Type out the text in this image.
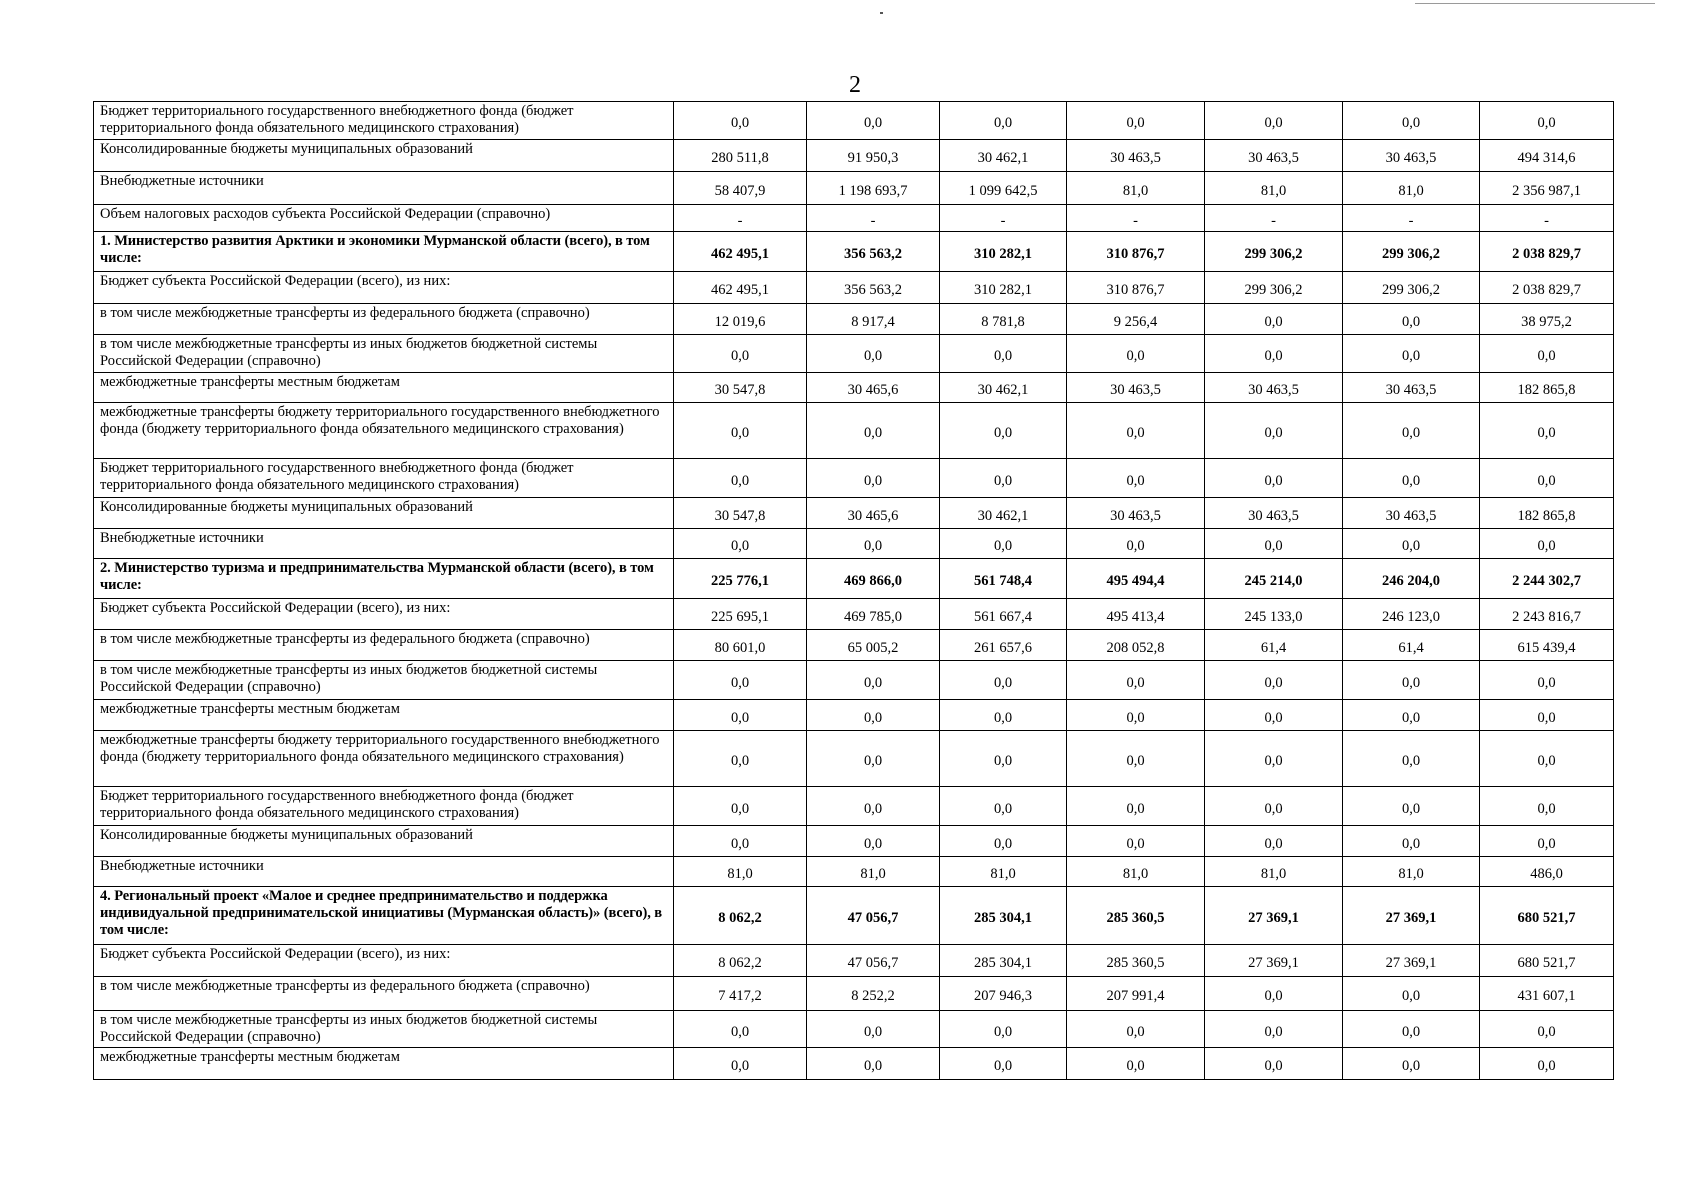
2
Бюджет территориального государственного внебюджетного фонда (бюджет территориального фонда обязательного медицинского страхования)	0,0	0,0	0,0	0,0	0,0	0,0	0,0
Консолидированные бюджеты муниципальных образований	280 511,8	91 950,3	30 462,1	30 463,5	30 463,5	30 463,5	494 314,6
Внебюджетные источники	58 407,9	1 198 693,7	1 099 642,5	81,0	81,0	81,0	2 356 987,1
Объем налоговых расходов субъекта Российской Федерации (справочно)	-	-	-	-	-	-	-
1. Министерство развития Арктики и экономики Мурманской области (всего), в том числе:	462 495,1	356 563,2	310 282,1	310 876,7	299 306,2	299 306,2	2 038 829,7
Бюджет субъекта Российской Федерации (всего), из них:	462 495,1	356 563,2	310 282,1	310 876,7	299 306,2	299 306,2	2 038 829,7
в том числе межбюджетные трансферты из федерального бюджета (справочно)	12 019,6	8 917,4	8 781,8	9 256,4	0,0	0,0	38 975,2
в том числе межбюджетные трансферты из иных бюджетов бюджетной системы Российской Федерации (справочно)	0,0	0,0	0,0	0,0	0,0	0,0	0,0
межбюджетные трансферты местным бюджетам	30 547,8	30 465,6	30 462,1	30 463,5	30 463,5	30 463,5	182 865,8
межбюджетные трансферты бюджету территориального государственного внебюджетного фонда (бюджету территориального фонда обязательного медицинского страхования)	0,0	0,0	0,0	0,0	0,0	0,0	0,0
Бюджет территориального государственного внебюджетного фонда (бюджет территориального фонда обязательного медицинского страхования)	0,0	0,0	0,0	0,0	0,0	0,0	0,0
Консолидированные бюджеты муниципальных образований	30 547,8	30 465,6	30 462,1	30 463,5	30 463,5	30 463,5	182 865,8
Внебюджетные источники	0,0	0,0	0,0	0,0	0,0	0,0	0,0
2. Министерство туризма и предпринимательства Мурманской области (всего), в том числе:	225 776,1	469 866,0	561 748,4	495 494,4	245 214,0	246 204,0	2 244 302,7
Бюджет субъекта Российской Федерации (всего), из них:	225 695,1	469 785,0	561 667,4	495 413,4	245 133,0	246 123,0	2 243 816,7
в том числе межбюджетные трансферты из федерального бюджета (справочно)	80 601,0	65 005,2	261 657,6	208 052,8	61,4	61,4	615 439,4
в том числе межбюджетные трансферты из иных бюджетов бюджетной системы Российской Федерации (справочно)	0,0	0,0	0,0	0,0	0,0	0,0	0,0
межбюджетные трансферты местным бюджетам	0,0	0,0	0,0	0,0	0,0	0,0	0,0
межбюджетные трансферты бюджету территориального государственного внебюджетного фонда (бюджету территориального фонда обязательного медицинского страхования)	0,0	0,0	0,0	0,0	0,0	0,0	0,0
Бюджет территориального государственного внебюджетного фонда (бюджет территориального фонда обязательного медицинского страхования)	0,0	0,0	0,0	0,0	0,0	0,0	0,0
Консолидированные бюджеты муниципальных образований	0,0	0,0	0,0	0,0	0,0	0,0	0,0
Внебюджетные источники	81,0	81,0	81,0	81,0	81,0	81,0	486,0
4. Региональный проект «Малое и среднее предпринимательство и поддержка индивидуальной предпринимательской инициативы (Мурманская область)» (всего), в том числе:	8 062,2	47 056,7	285 304,1	285 360,5	27 369,1	27 369,1	680 521,7
Бюджет субъекта Российской Федерации (всего), из них:	8 062,2	47 056,7	285 304,1	285 360,5	27 369,1	27 369,1	680 521,7
в том числе межбюджетные трансферты из федерального бюджета (справочно)	7 417,2	8 252,2	207 946,3	207 991,4	0,0	0,0	431 607,1
в том числе межбюджетные трансферты из иных бюджетов бюджетной системы Российской Федерации (справочно)	0,0	0,0	0,0	0,0	0,0	0,0	0,0
межбюджетные трансферты местным бюджетам	0,0	0,0	0,0	0,0	0,0	0,0	0,0
